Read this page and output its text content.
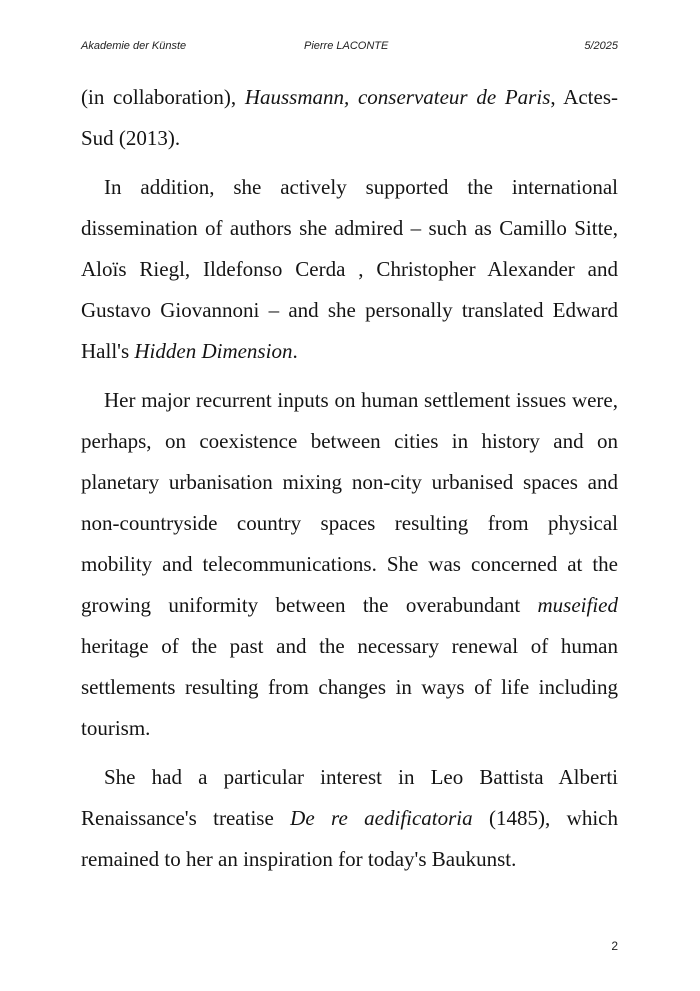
Akademie der Künste	Pierre LACONTE	5/2025

(in collaboration), Haussmann, conservateur de Paris, Actes-Sud (2013).

In addition, she actively supported the international dissemination of authors she admired – such as Camillo Sitte, Aloïs Riegl, Ildefonso Cerda , Christopher Alexander and Gustavo Giovannoni – and she personally translated Edward Hall's Hidden Dimension.

Her major recurrent inputs on human settlement issues were, perhaps, on coexistence between cities in history and on planetary urbanisation mixing non-city urbanised spaces and non-countryside country spaces resulting from physical mobility and telecommunications. She was concerned at the growing uniformity between the overabundant museified heritage of the past and the necessary renewal of human settlements resulting from changes in ways of life including tourism.

She had a particular interest in Leo Battista Alberti Renaissance's treatise De re aedificatoria (1485), which remained to her an inspiration for today's Baukunst.

2
